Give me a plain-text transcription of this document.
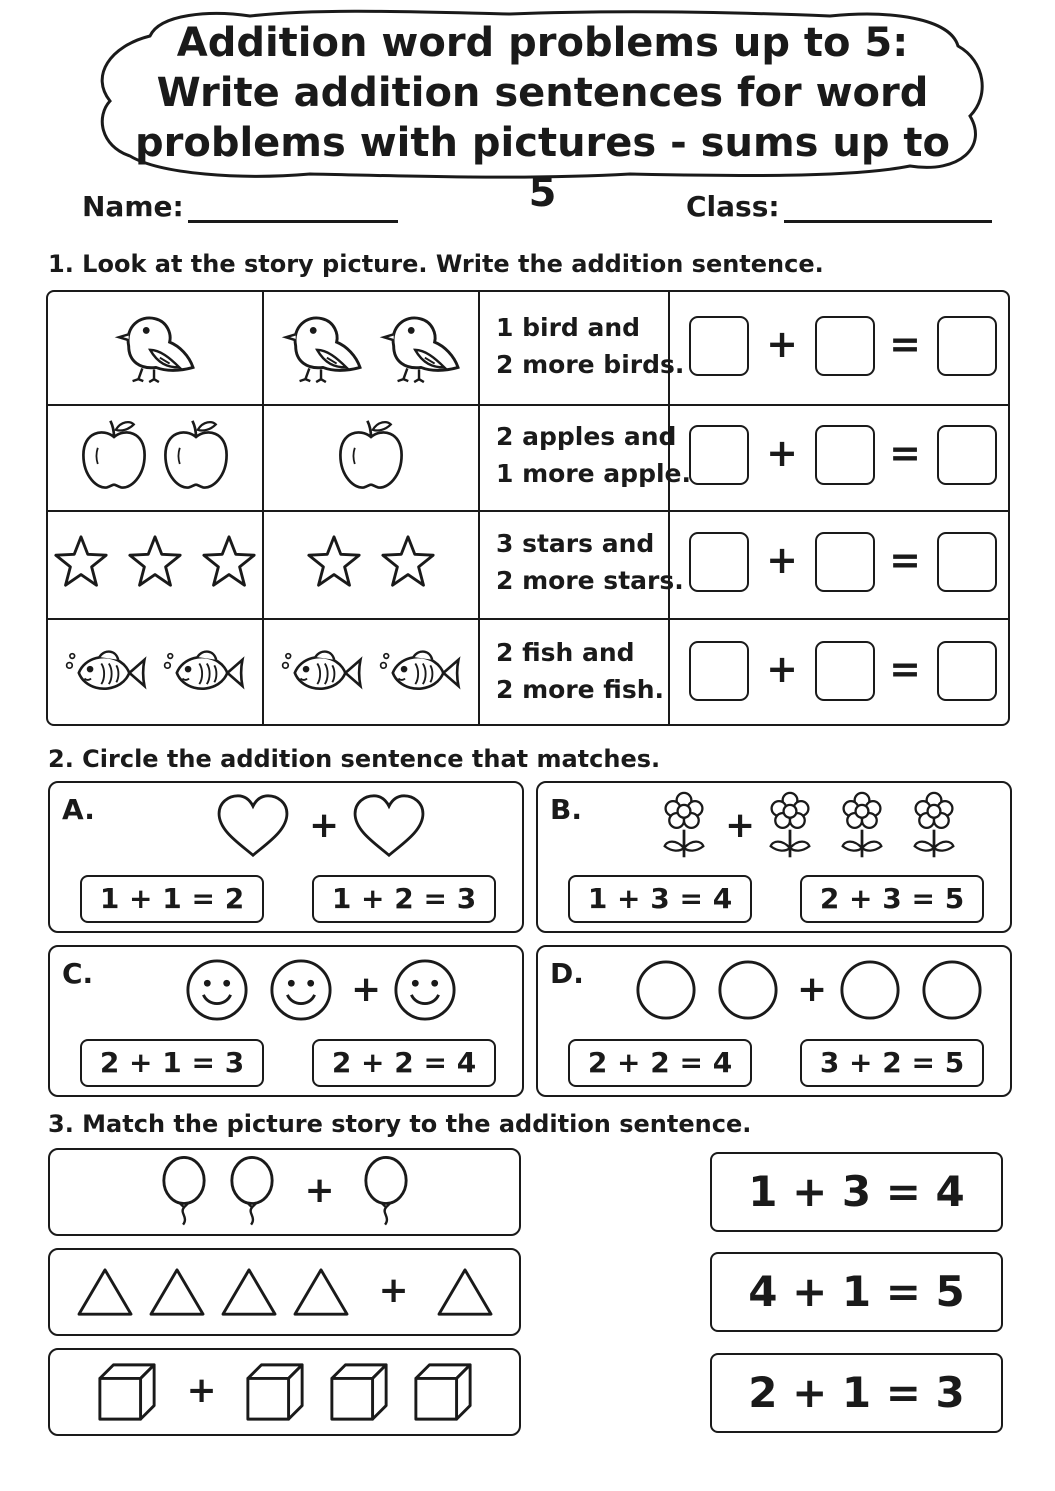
Addition word problems up to 5: Write addition sentences for word problems with pictures - sums up to 5
Name:	Class:
1. Look at the story picture. Write the addition sentence.
1 bird and
2 more birds. + =
2 apples and
1 more apple. + =
3 stars and
2 more stars. + =
2 fish and
2 more fish.	+ =
2. Circle the addition sentence that matches.
A.	+
1 + 1 = 2	1 + 2 = 3
B.	+
1 + 3 = 4	2 + 3 = 5
C.	+
2 + 1 = 3	2 + 2 = 4
D.	+
2 + 2 = 4	3 + 2 = 5
3. Match the picture story to the addition sentence.
+
+
+
1 + 3 = 4
4 + 1 = 5
2 + 1 = 3
